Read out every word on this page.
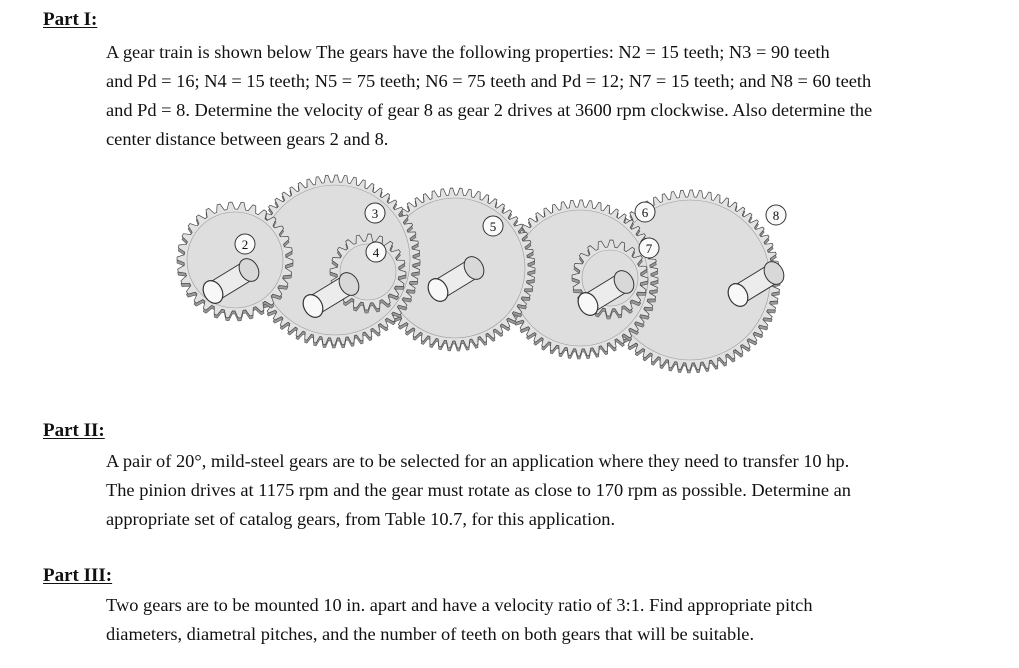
Part I:

A gear train is shown below The gears have the following properties: N2 = 15 teeth; N3 = 90 teeth
and Pd = 16; N4 = 15 teeth; N5 = 75 teeth; N6 = 75 teeth and Pd = 12; N7 = 15 teeth; and N8 = 60 teeth
and Pd = 8. Determine the velocity of gear 8 as gear 2 drives at 3600 rpm clockwise. Also determine the
center distance between gears 2 and 8.

2
3
4
5
6
7
8
Part II:

A pair of 20°, mild-steel gears are to be selected for an application where they need to transfer 10 hp.
The pinion drives at 1175 rpm and the gear must rotate as close to 170 rpm as possible. Determine an
appropriate set of catalog gears, from Table 10.7, for this application.

Part III:

Two gears are to be mounted 10 in. apart and have a velocity ratio of 3:1. Find appropriate pitch
diameters, diametral pitches, and the number of teeth on both gears that will be suitable.
